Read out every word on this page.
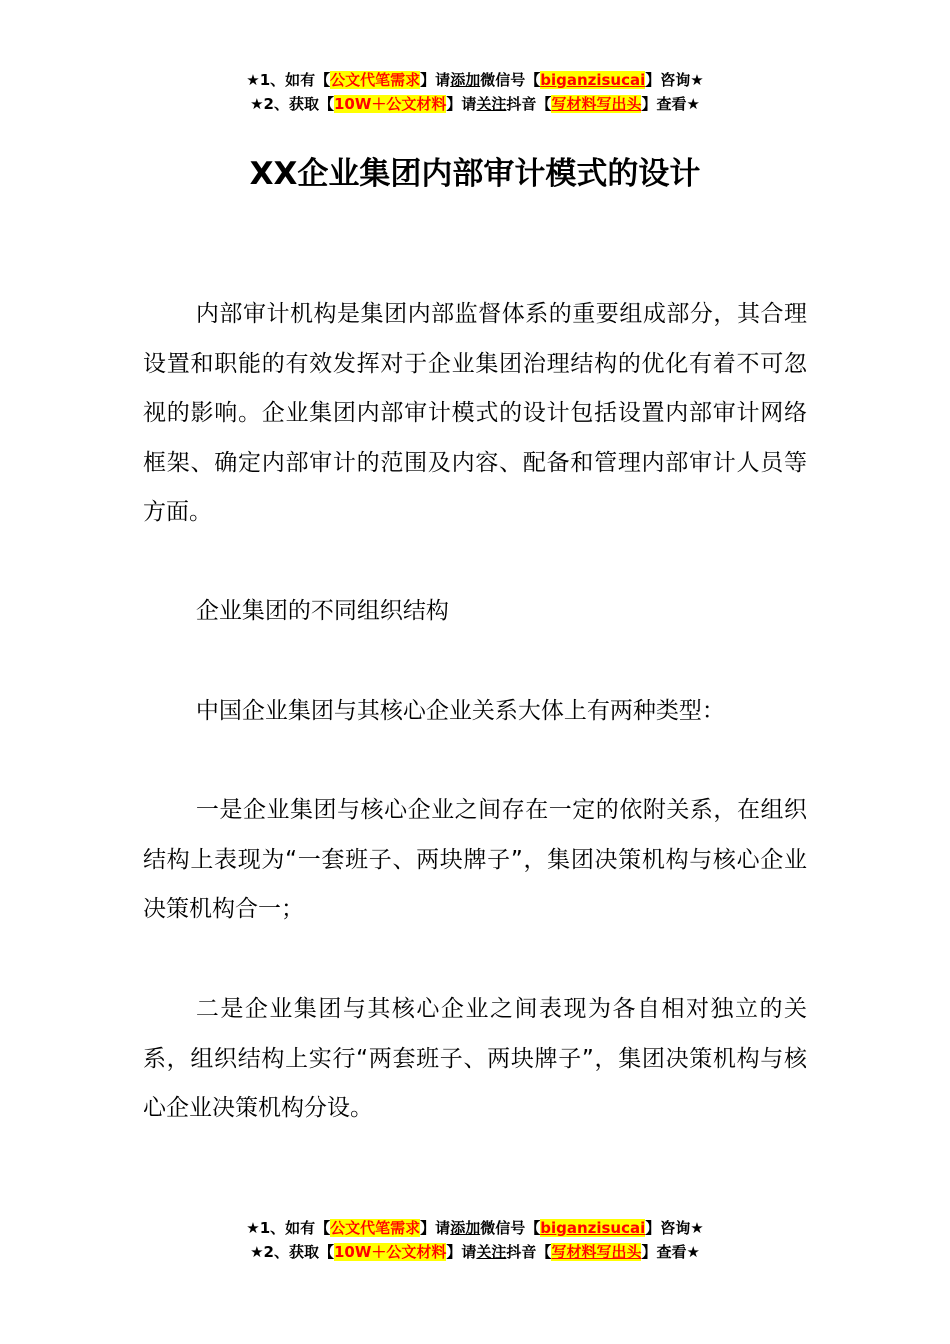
★1、如有【公文代笔需求】请添加微信号【biganzisucai】咨询★
★2、获取【10W＋公文材料】请关注抖音【写材料写出头】查看★
XX企业集团内部审计模式的设计

内部审计机构是集团内部监督体系的重要组成部分，其合理设置和职能的有效发挥对于企业集团治理结构的优化有着不可忽视的影响。企业集团内部审计模式的设计包括设置内部审计网络框架、确定内部审计的范围及内容、配备和管理内部审计人员等方面。

企业集团的不同组织结构

中国企业集团与其核心企业关系大体上有两种类型：

一是企业集团与核心企业之间存在一定的依附关系，在组织结构上表现为“一套班子、两块牌子”，集团决策机构与核心企业决策机构合一；

二是企业集团与其核心企业之间表现为各自相对独立的关系，组织结构上实行“两套班子、两块牌子”，集团决策机构与核心企业决策机构分设。

★1、如有【公文代笔需求】请添加微信号【biganzisucai】咨询★
★2、获取【10W＋公文材料】请关注抖音【写材料写出头】查看★
